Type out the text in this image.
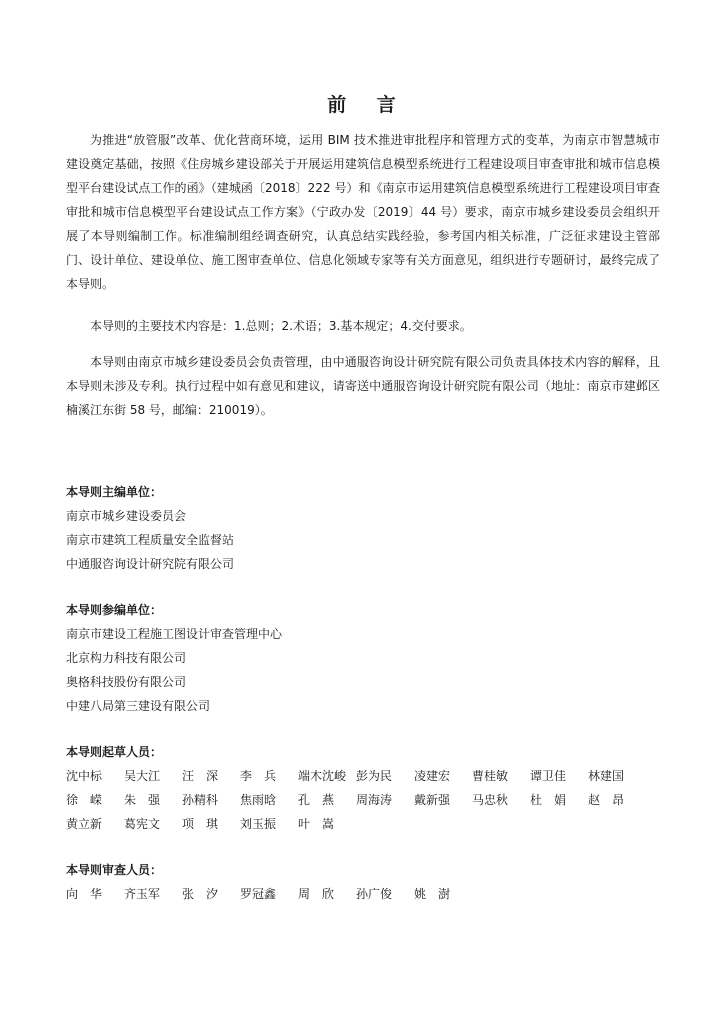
前 言

为推进“放管服”改革、优化营商环境，运用 BIM 技术推进审批程序和管理方式的变革，为南京市智慧城市建设奠定基础，按照《住房城乡建设部关于开展运用建筑信息模型系统进行工程建设项目审查审批和城市信息模型平台建设试点工作的函》（建城函〔2018〕222 号）和《南京市运用建筑信息模型系统进行工程建设项目审查审批和城市信息模型平台建设试点工作方案》（宁政办发〔2019〕44 号）要求，南京市城乡建设委员会组织开展了本导则编制工作。标准编制组经调查研究，认真总结实践经验，参考国内相关标准，广泛征求建设主管部门、设计单位、建设单位、施工图审查单位、信息化领域专家等有关方面意见，组织进行专题研讨，最终完成了本导则。

本导则的主要技术内容是：1.总则；2.术语；3.基本规定；4.交付要求。

本导则由南京市城乡建设委员会负责管理，由中通服咨询设计研究院有限公司负责具体技术内容的解释，且本导则未涉及专利。执行过程中如有意见和建议，请寄送中通服咨询设计研究院有限公司（地址：南京市建邺区楠溪江东街 58 号，邮编：210019）。

本导则主编单位：
南京市城乡建设委员会
南京市建筑工程质量安全监督站
中通服咨询设计研究院有限公司
本导则参编单位：
南京市建设工程施工图设计审查管理中心
北京构力科技有限公司
奥格科技股份有限公司
中建八局第三建设有限公司
本导则起草人员：
沈中标	吴大江	汪　深	李　兵	端木沈峻 彭为民	凌建宏	曹桂敏	谭卫佳	林建国
徐　嵘	朱　强	孙精科	焦雨晗	孔　燕	周海涛	戴新强	马忠秋	杜　娟	赵　昂
黄立新	葛宪文	项　琪	刘玉振	叶　嵩
本导则审查人员：
向　华	齐玉军	张　汐	罗冠鑫	周　欣	孙广俊	姚　澍
